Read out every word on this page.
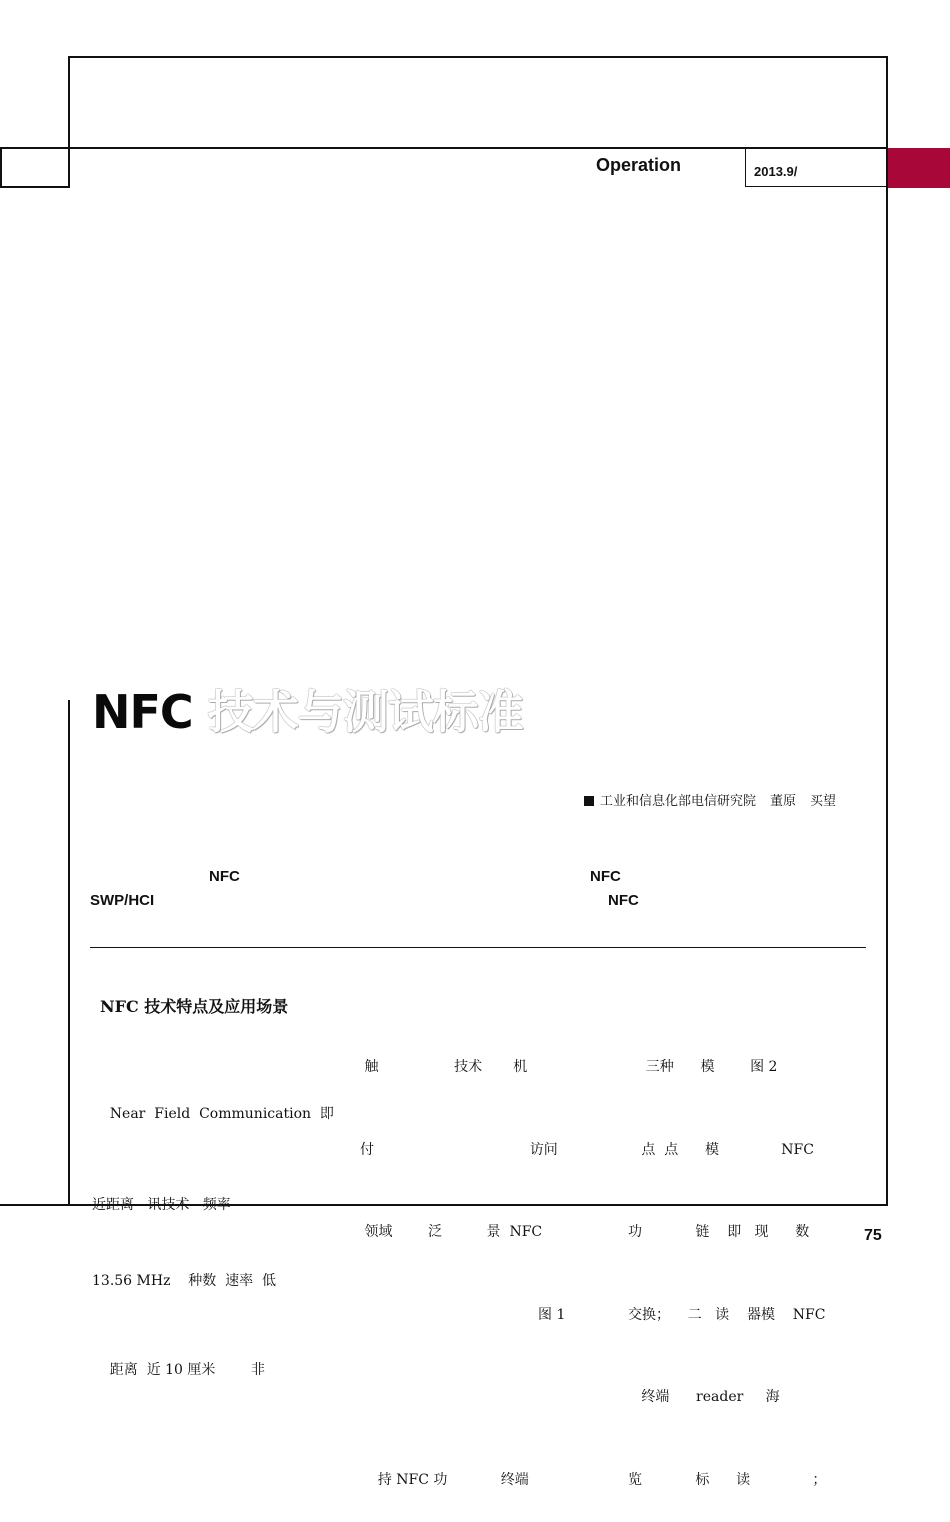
Operation	2013.9/
NFC 技术与测试标准
工业和信息化部电信研究院 董原 买望
NFC	NFC
SWP/HCI	NFC
NFC 技术特点及应用场景

Near  Field  Communication  即

近距离   讯技术   频率

13.56 MHz    种数  速率  低

距离  近 10 厘米        非

触                 技术       机

付                                   访问

领域        泛          景  NFC

图 1

持 NFC 功            终端

三种      模        图 2

点  点      模              NFC

功            链    即   现      数

交换；    二   读    器模    NFC

终端      reader     海

览            标      读              ；

75
